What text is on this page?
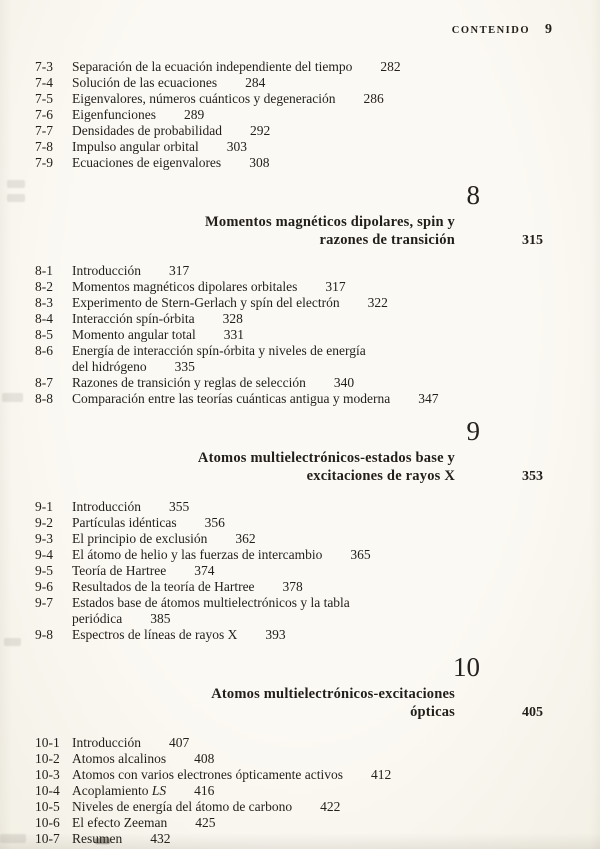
CONTENIDO 9
7-3	Separación de la ecuación independiente del tiempo 282
7-4	Solución de las ecuaciones 284
7-5	Eigenvalores, números cuánticos y degeneración 286
7-6	Eigenfunciones 289
7-7	Densidades de probabilidad 292
7-8	Impulso angular orbital 303
7-9	Ecuaciones de eigenvalores 308
8
Momentos magnéticos dipolares, spin y
razones de transición	315
8-1	Introducción 317
8-2	Momentos magnéticos dipolares orbitales 317
8-3	Experimento de Stern-Gerlach y spín del electrón 322
8-4	Interacción spín-órbita 328
8-5	Momento angular total 331
8-6	Energía de interacción spín-órbita y niveles de energía
del hidrógeno 335
8-7	Razones de transición y reglas de selección 340
8-8	Comparación entre las teorías cuánticas antigua y moderna 347
9
Atomos multielectrónicos-estados base y
excitaciones de rayos X	353
9-1	Introducción 355
9-2	Partículas idénticas 356
9-3	El principio de exclusión 362
9-4	El átomo de helio y las fuerzas de intercambio 365
9-5	Teoría de Hartree 374
9-6	Resultados de la teoría de Hartree 378
9-7	Estados base de átomos multielectrónicos y la tabla
periódica 385
9-8	Espectros de líneas de rayos X 393
10
Atomos multielectrónicos-excitaciones
ópticas	405
10-1 Introducción 407
10-2 Atomos alcalinos 408
10-3 Atomos con varios electrones ópticamente activos 412
10-4 Acoplamiento LS 416
10-5 Niveles de energía del átomo de carbono 422
10-6 El efecto Zeeman 425
10-7 Resumen 432
